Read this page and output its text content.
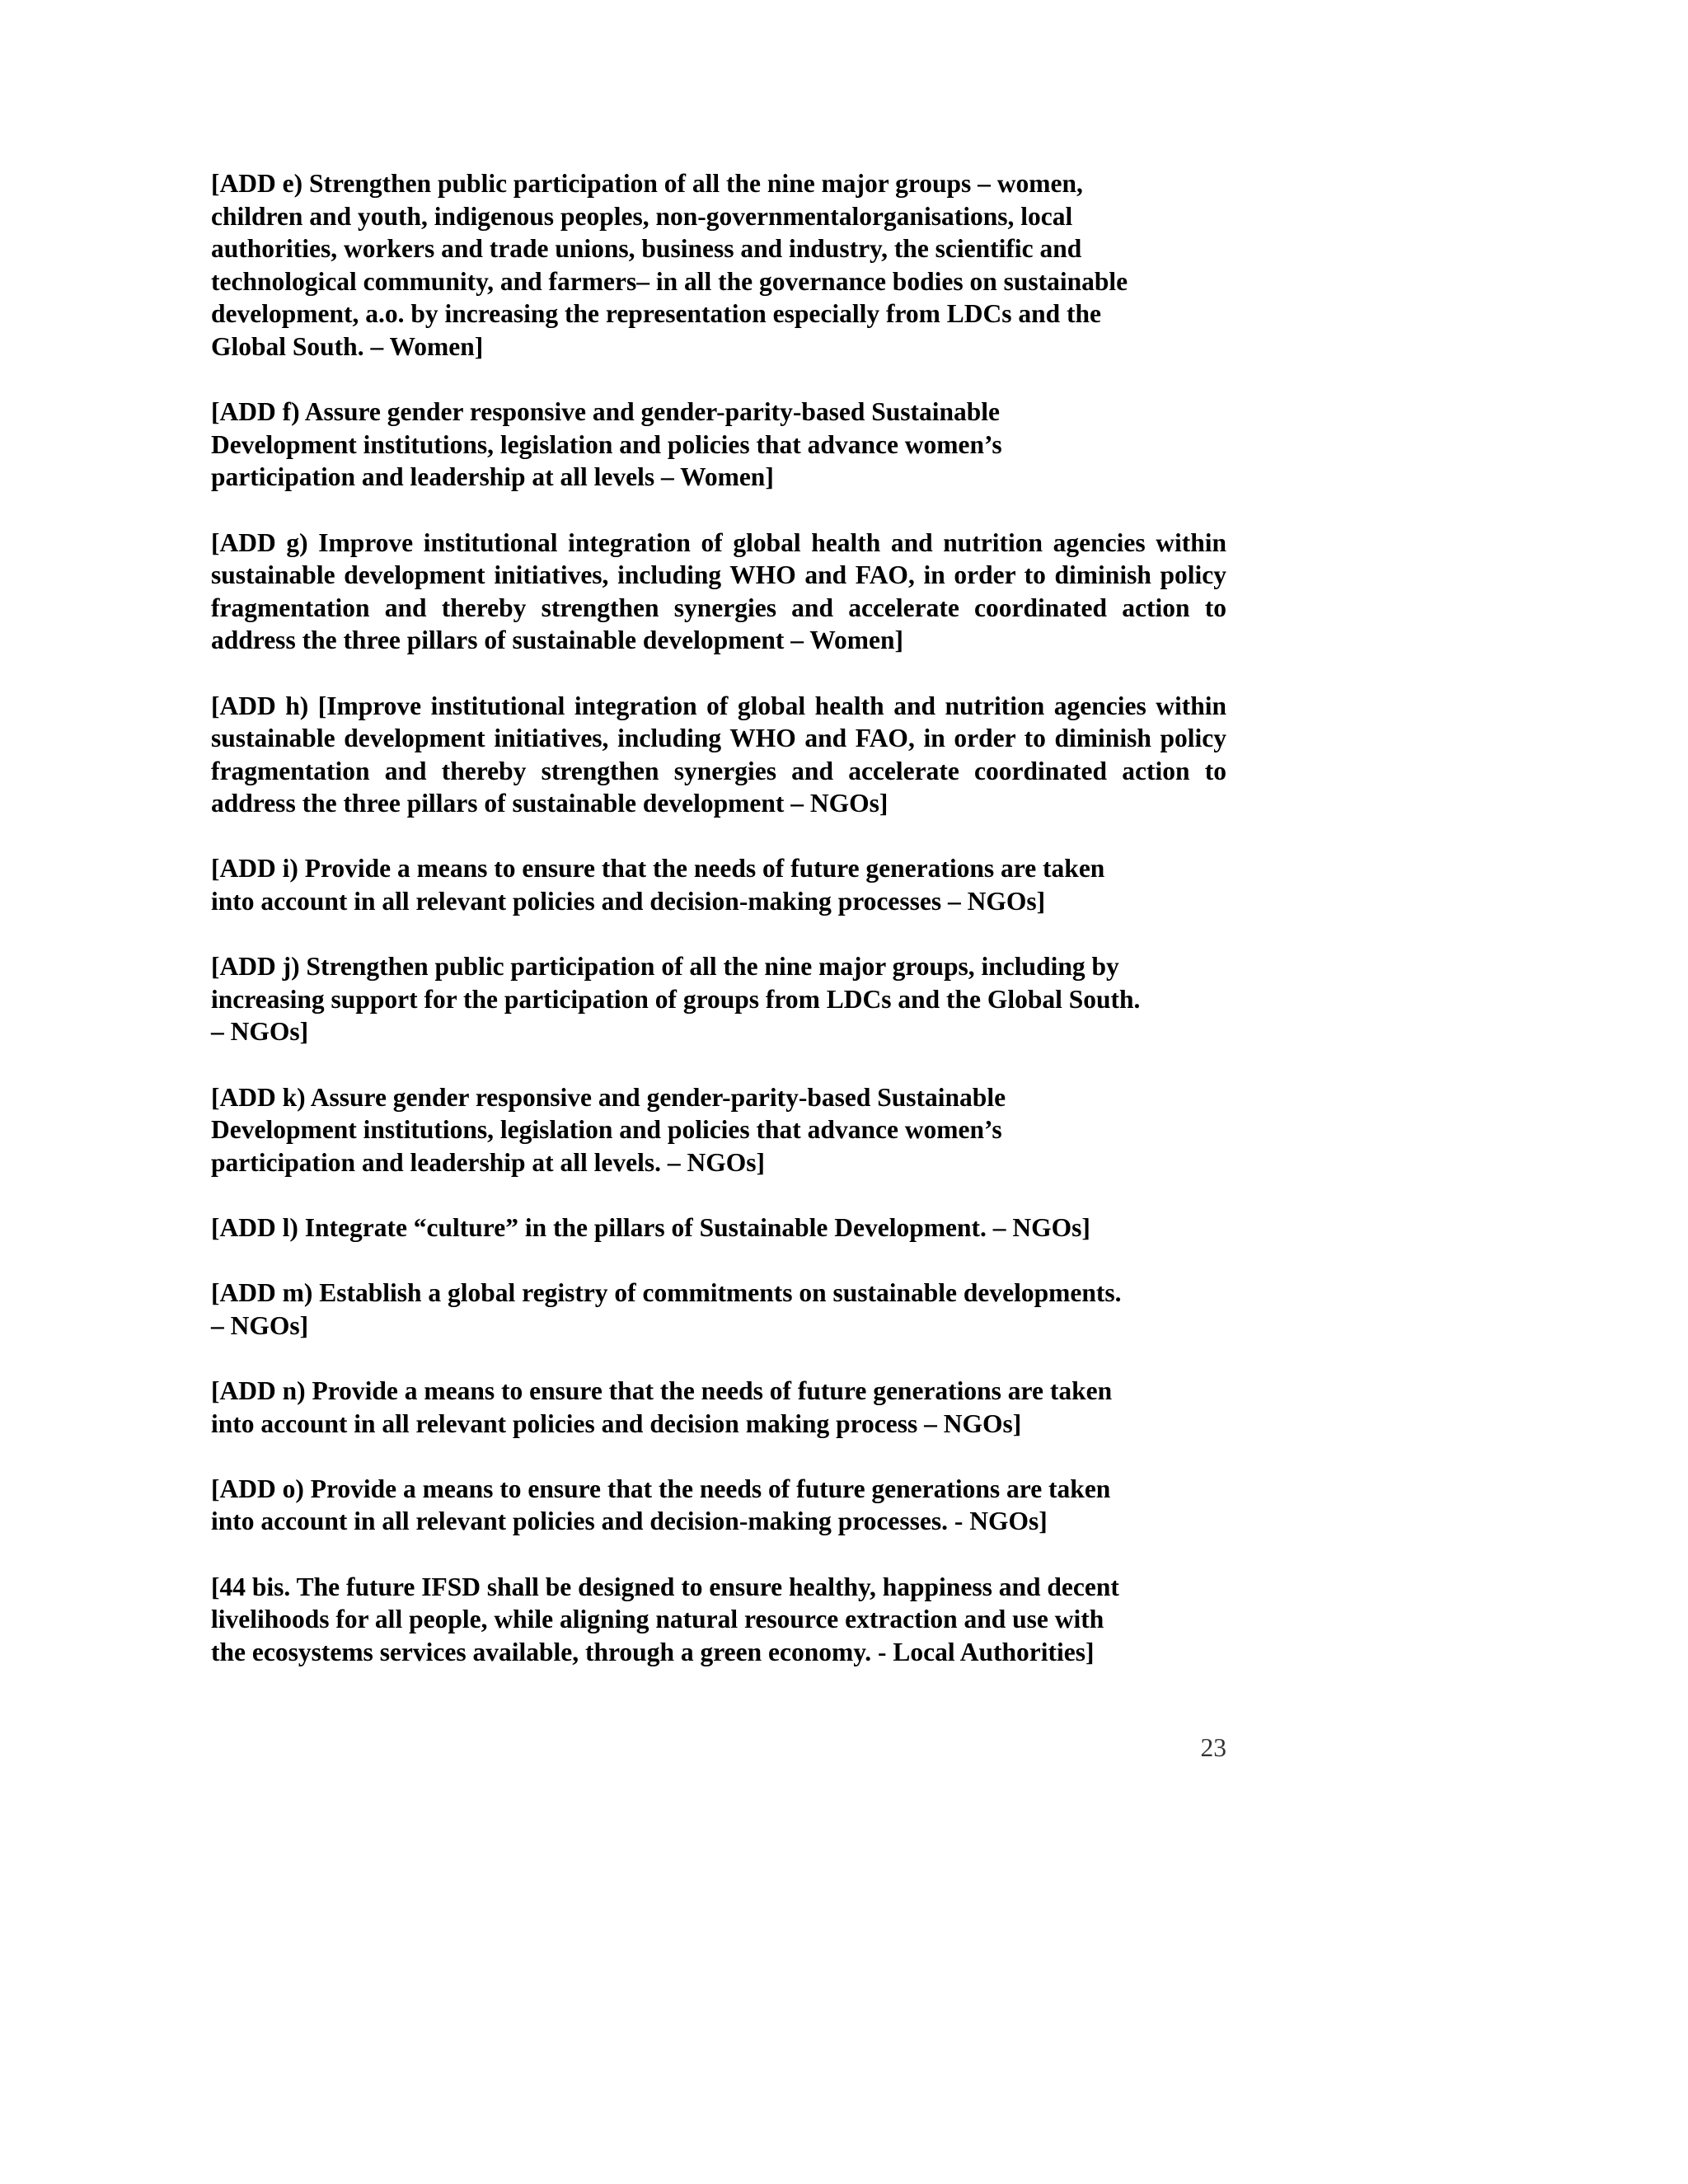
[ADD e) Strengthen public participation of all the nine major groups – women,
children and youth, indigenous peoples, non-governmentalorganisations, local
authorities, workers and trade unions, business and industry, the scientific and
technological community, and farmers– in all the governance bodies on sustainable
development, a.o. by increasing the representation especially from LDCs and the
Global South. – Women]
[ADD f) Assure gender responsive and gender-parity-based Sustainable
Development institutions, legislation and policies that advance women’s
participation and leadership at all levels – Women]

[ADD g) Improve institutional integration of global health and nutrition agencies within sustainable development initiatives, including WHO and FAO, in order to diminish policy fragmentation and thereby strengthen synergies and accelerate coordinated action to address the three pillars of sustainable development – Women]

[ADD h) [Improve institutional integration of global health and nutrition agencies within sustainable development initiatives, including WHO and FAO, in order to diminish policy fragmentation and thereby strengthen synergies and accelerate coordinated action to address the three pillars of sustainable development – NGOs]

[ADD i) Provide a means to ensure that the needs of future generations are taken
into account in all relevant policies and decision-making processes – NGOs]
[ADD j) Strengthen public participation of all the nine major groups, including by
increasing support for the participation of groups from LDCs and the Global South.
– NGOs]
[ADD k) Assure gender responsive and gender-parity-based Sustainable
Development institutions, legislation and policies that advance women’s
participation and leadership at all levels. – NGOs]
[ADD l) Integrate “culture” in the pillars of Sustainable Development. – NGOs]
[ADD m) Establish a global registry of commitments on sustainable developments.
– NGOs]
[ADD n) Provide a means to ensure that the needs of future generations are taken
into account in all relevant policies and decision making process – NGOs]
[ADD o) Provide a means to ensure that the needs of future generations are taken
into account in all relevant policies and decision-making processes. - NGOs]
[44 bis. The future IFSD shall be designed to ensure healthy, happiness and decent
livelihoods for all people, while aligning natural resource extraction and use with
the ecosystems services available, through a green economy. - Local Authorities]
23
